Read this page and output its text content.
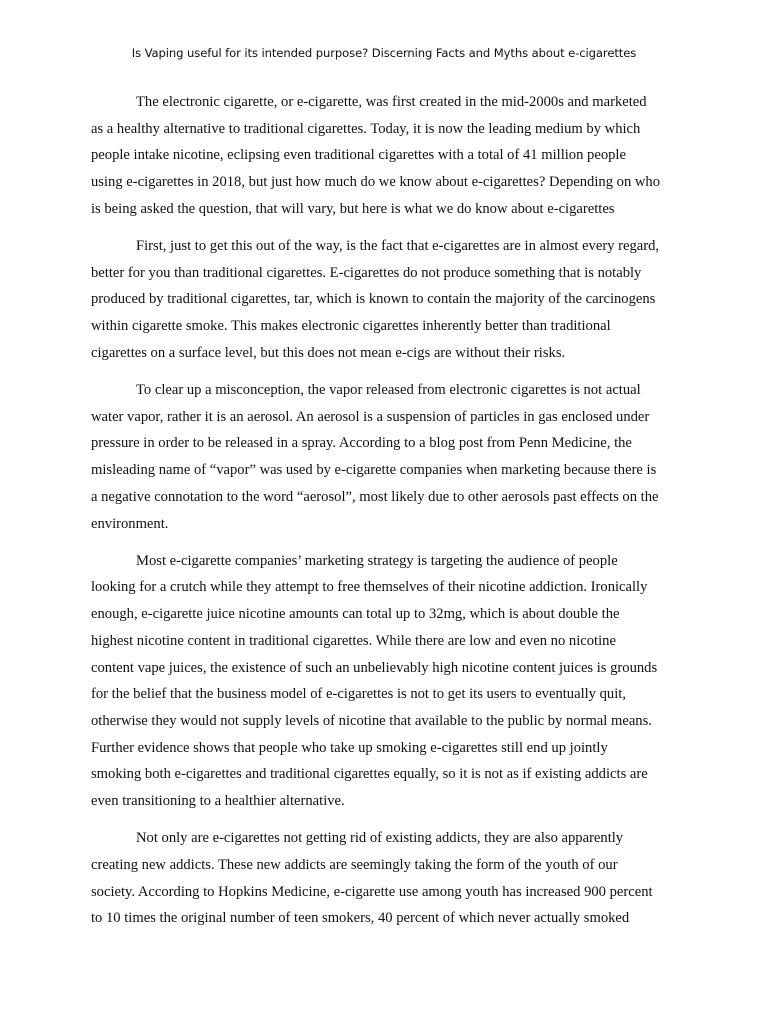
Is Vaping useful for its intended purpose? Discerning Facts and Myths about e-cigarettes
The electronic cigarette, or e-cigarette, was first created in the mid-2000s and marketed
as a healthy alternative to traditional cigarettes. Today, it is now the leading medium by which
people intake nicotine, eclipsing even traditional cigarettes with a total of 41 million people
using e-cigarettes in 2018, but just how much do we know about e-cigarettes? Depending on who
is being asked the question, that will vary, but here is what we do know about e-cigarettes
First, just to get this out of the way, is the fact that e-cigarettes are in almost every regard,
better for you than traditional cigarettes. E-cigarettes do not produce something that is notably
produced by traditional cigarettes, tar, which is known to contain the majority of the carcinogens
within cigarette smoke. This makes electronic cigarettes inherently better than traditional
cigarettes on a surface level, but this does not mean e-cigs are without their risks.
To clear up a misconception, the vapor released from electronic cigarettes is not actual
water vapor, rather it is an aerosol. An aerosol is a suspension of particles in gas enclosed under
pressure in order to be released in a spray. According to a blog post from Penn Medicine, the
misleading name of “vapor” was used by e-cigarette companies when marketing because there is
a negative connotation to the word “aerosol”, most likely due to other aerosols past effects on the
environment.
Most e-cigarette companies’ marketing strategy is targeting the audience of people
looking for a crutch while they attempt to free themselves of their nicotine addiction. Ironically
enough, e-cigarette juice nicotine amounts can total up to 32mg, which is about double the
highest nicotine content in traditional cigarettes. While there are low and even no nicotine
content vape juices, the existence of such an unbelievably high nicotine content juices is grounds
for the belief that the business model of e-cigarettes is not to get its users to eventually quit,
otherwise they would not supply levels of nicotine that available to the public by normal means.
Further evidence shows that people who take up smoking e-cigarettes still end up jointly
smoking both e-cigarettes and traditional cigarettes equally, so it is not as if existing addicts are
even transitioning to a healthier alternative.
Not only are e-cigarettes not getting rid of existing addicts, they are also apparently
creating new addicts. These new addicts are seemingly taking the form of the youth of our
society. According to Hopkins Medicine, e-cigarette use among youth has increased 900 percent
to 10 times the original number of teen smokers, 40 percent of which never actually smoked
